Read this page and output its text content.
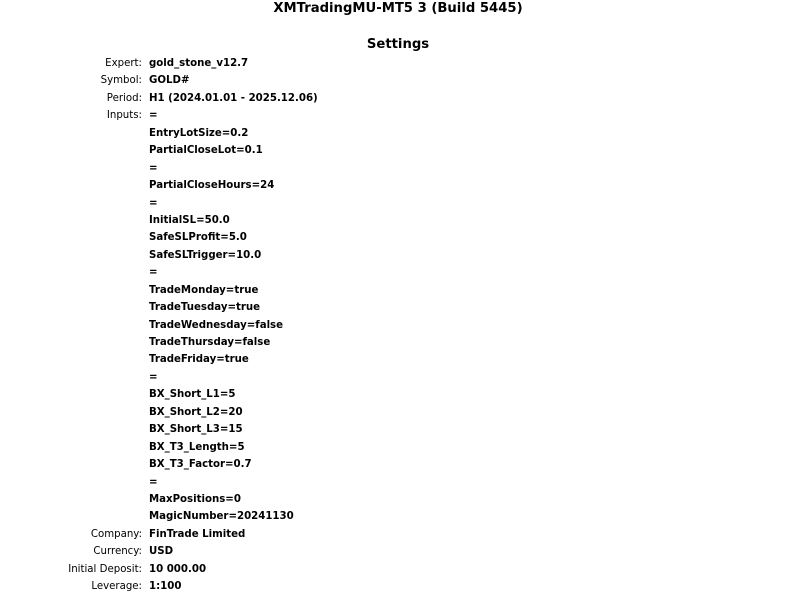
XMTradingMU-MT5 3 (Build 5445)
Settings
Expert: gold_stone_v12.7
Symbol: GOLD#
Period: H1 (2024.01.01 - 2025.12.06)
Inputs: =
EntryLotSize=0.2
PartialCloseLot=0.1
=
PartialCloseHours=24
=
InitialSL=50.0
SafeSLProfit=5.0
SafeSLTrigger=10.0
=
TradeMonday=true
TradeTuesday=true
TradeWednesday=false
TradeThursday=false
TradeFriday=true
=
BX_Short_L1=5
BX_Short_L2=20
BX_Short_L3=15
BX_T3_Length=5
BX_T3_Factor=0.7
=
MaxPositions=0
MagicNumber=20241130
Company: FinTrade Limited
Currency: USD
Initial Deposit: 10 000.00
Leverage: 1:100
